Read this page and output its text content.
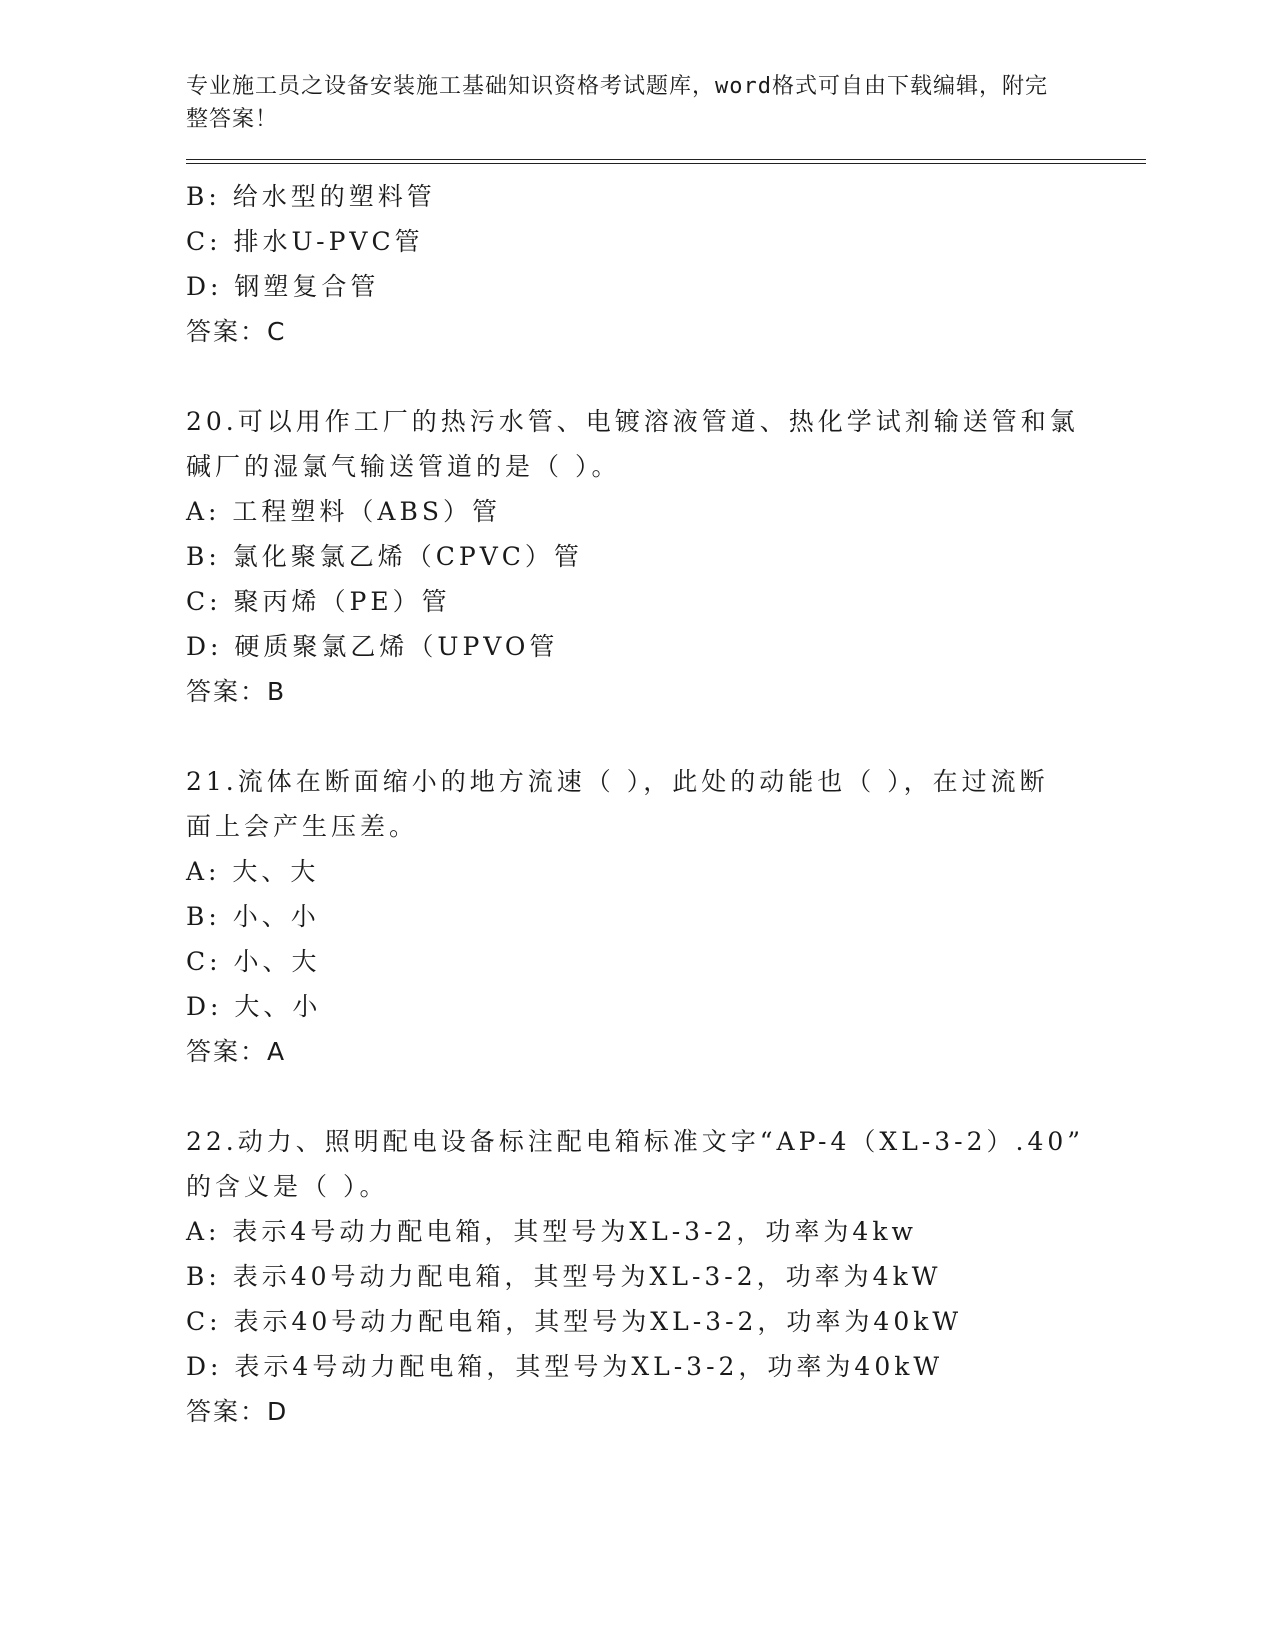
专业施工员之设备安装施工基础知识资格考试题库，word格式可自由下载编辑，附完整答案！
B: 给水型的塑料管
C: 排水U-PVC管
D: 钢塑复合管
答案：C
20.可以用作工厂的热污水管、电镀溶液管道、热化学试剂输送管和氯
碱厂的湿氯气输送管道的是（ ）。
A: 工程塑料（ABS）管
B: 氯化聚氯乙烯（CPVC）管
C: 聚丙烯（PE）管
D: 硬质聚氯乙烯（UPVO管
答案：B
21.流体在断面缩小的地方流速（ ），此处的动能也（ ），在过流断
面上会产生压差。
A: 大、大
B: 小、小
C: 小、大
D: 大、小
答案：A
22.动力、照明配电设备标注配电箱标准文字“AP-4（XL-3-2）.40”
的含义是（ ）。
A: 表示4号动力配电箱，其型号为XL-3-2，功率为4kw
B: 表示40号动力配电箱，其型号为XL-3-2，功率为4kW
C: 表示40号动力配电箱，其型号为XL-3-2，功率为40kW
D: 表示4号动力配电箱，其型号为XL-3-2，功率为40kW
答案：D
